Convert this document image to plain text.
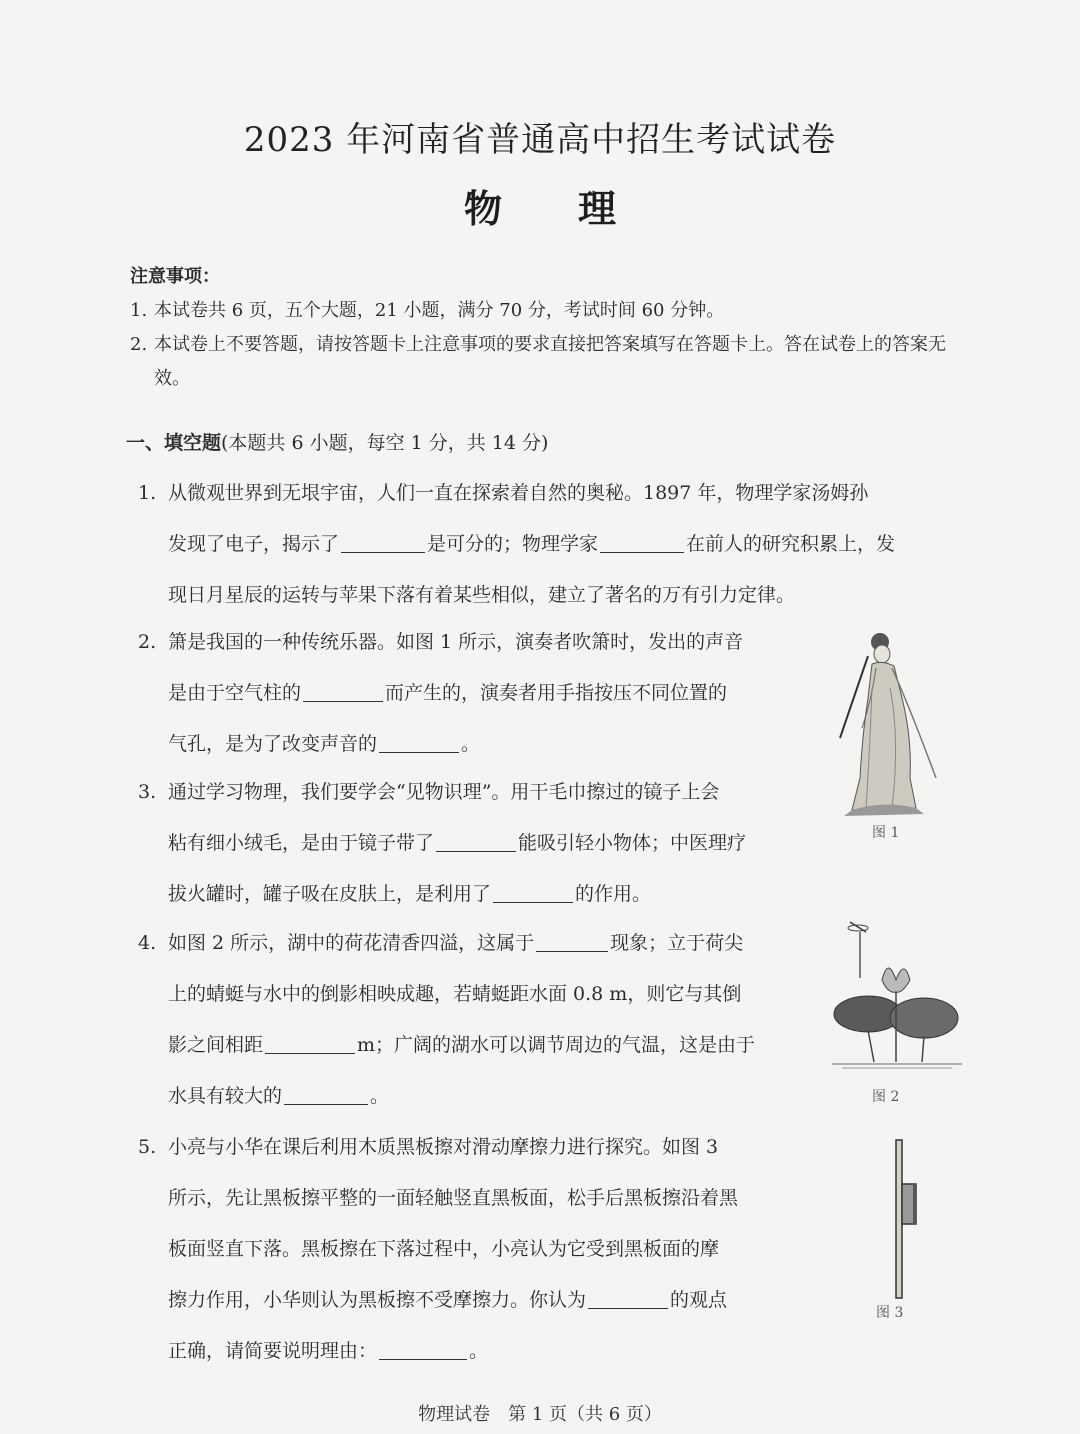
2023 年河南省普通高中招生考试试卷
物　　理
注意事项：
1. 本试卷共 6 页，五个大题，21 小题，满分 70 分，考试时间 60 分钟。
2. 本试卷上不要答题，请按答题卡上注意事项的要求直接把答案填写在答题卡上。答在试卷上的答案无效。
一、填空题(本题共 6 小题，每空 1 分，共 14 分)
1. 从微观世界到无垠宇宙，人们一直在探索着自然的奥秘。1897 年，物理学家汤姆孙
发现了电子，揭示了	是可分的；物理学家	在前人的研究积累上，发
现日月星辰的运转与苹果下落有着某些相似，建立了著名的万有引力定律。
2. 箫是我国的一种传统乐器。如图 1 所示，演奏者吹箫时，发出的声音
是由于空气柱的	而产生的，演奏者用手指按压不同位置的
气孔，是为了改变声音的	。
3. 通过学习物理，我们要学会“见物识理”。用干毛巾擦过的镜子上会
粘有细小绒毛，是由于镜子带了	能吸引轻小物体；中医理疗
拔火罐时，罐子吸在皮肤上，是利用了	的作用。
4. 如图 2 所示，湖中的荷花清香四溢，这属于	现象；立于荷尖
上的蜻蜓与水中的倒影相映成趣，若蜻蜓距水面 0.8 m，则它与其倒
影之间相距	m；广阔的湖水可以调节周边的气温，这是由于
水具有较大的	。
5. 小亮与小华在课后利用木质黑板擦对滑动摩擦力进行探究。如图 3
所示，先让黑板擦平整的一面轻触竖直黑板面，松手后黑板擦沿着黑
板面竖直下落。黑板擦在下落过程中，小亮认为它受到黑板面的摩
擦力作用，小华则认为黑板擦不受摩擦力。你认为	的观点
正确，请简要说明理由：	。
图 1
图 2
图 3
物理试卷　第 1 页（共 6 页）
